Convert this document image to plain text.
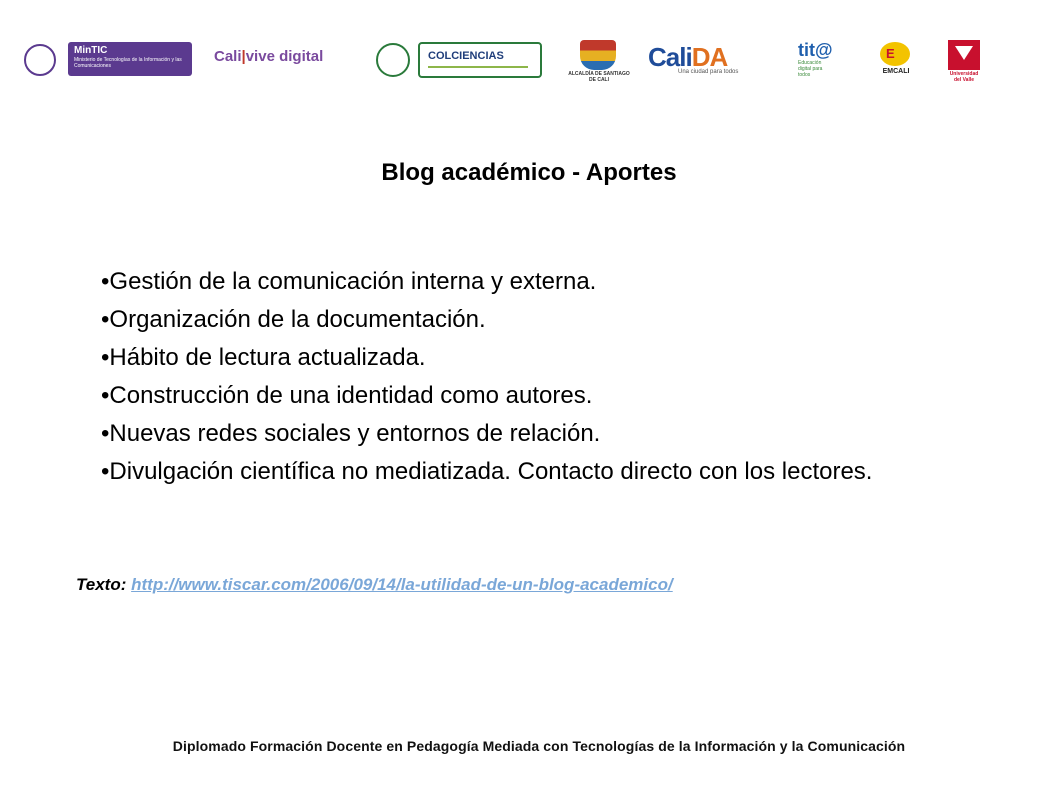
MinTIC
Ministerio de Tecnologías de la Información y las Comunicaciones
Cali|vive digital	COLCIENCIAS
ALCALDÍA DE SANTIAGO DE CALI
CaliDA
Una ciudad para todos
tit@
Educación digital para todos
E
EMCALI	Universidad del Valle
Blog académico - Aportes
•Gestión de la comunicación interna y externa.
•Organización de la documentación.
•Hábito de lectura actualizada.
•Construcción de una identidad como autores.
•Nuevas redes sociales y entornos de relación.
•Divulgación científica no mediatizada. Contacto directo con los lectores.
Texto: http://www.tiscar.com/2006/09/14/la-utilidad-de-un-blog-academico/
Diplomado Formación Docente en Pedagogía Mediada con Tecnologías de la Información y la Comunicación
